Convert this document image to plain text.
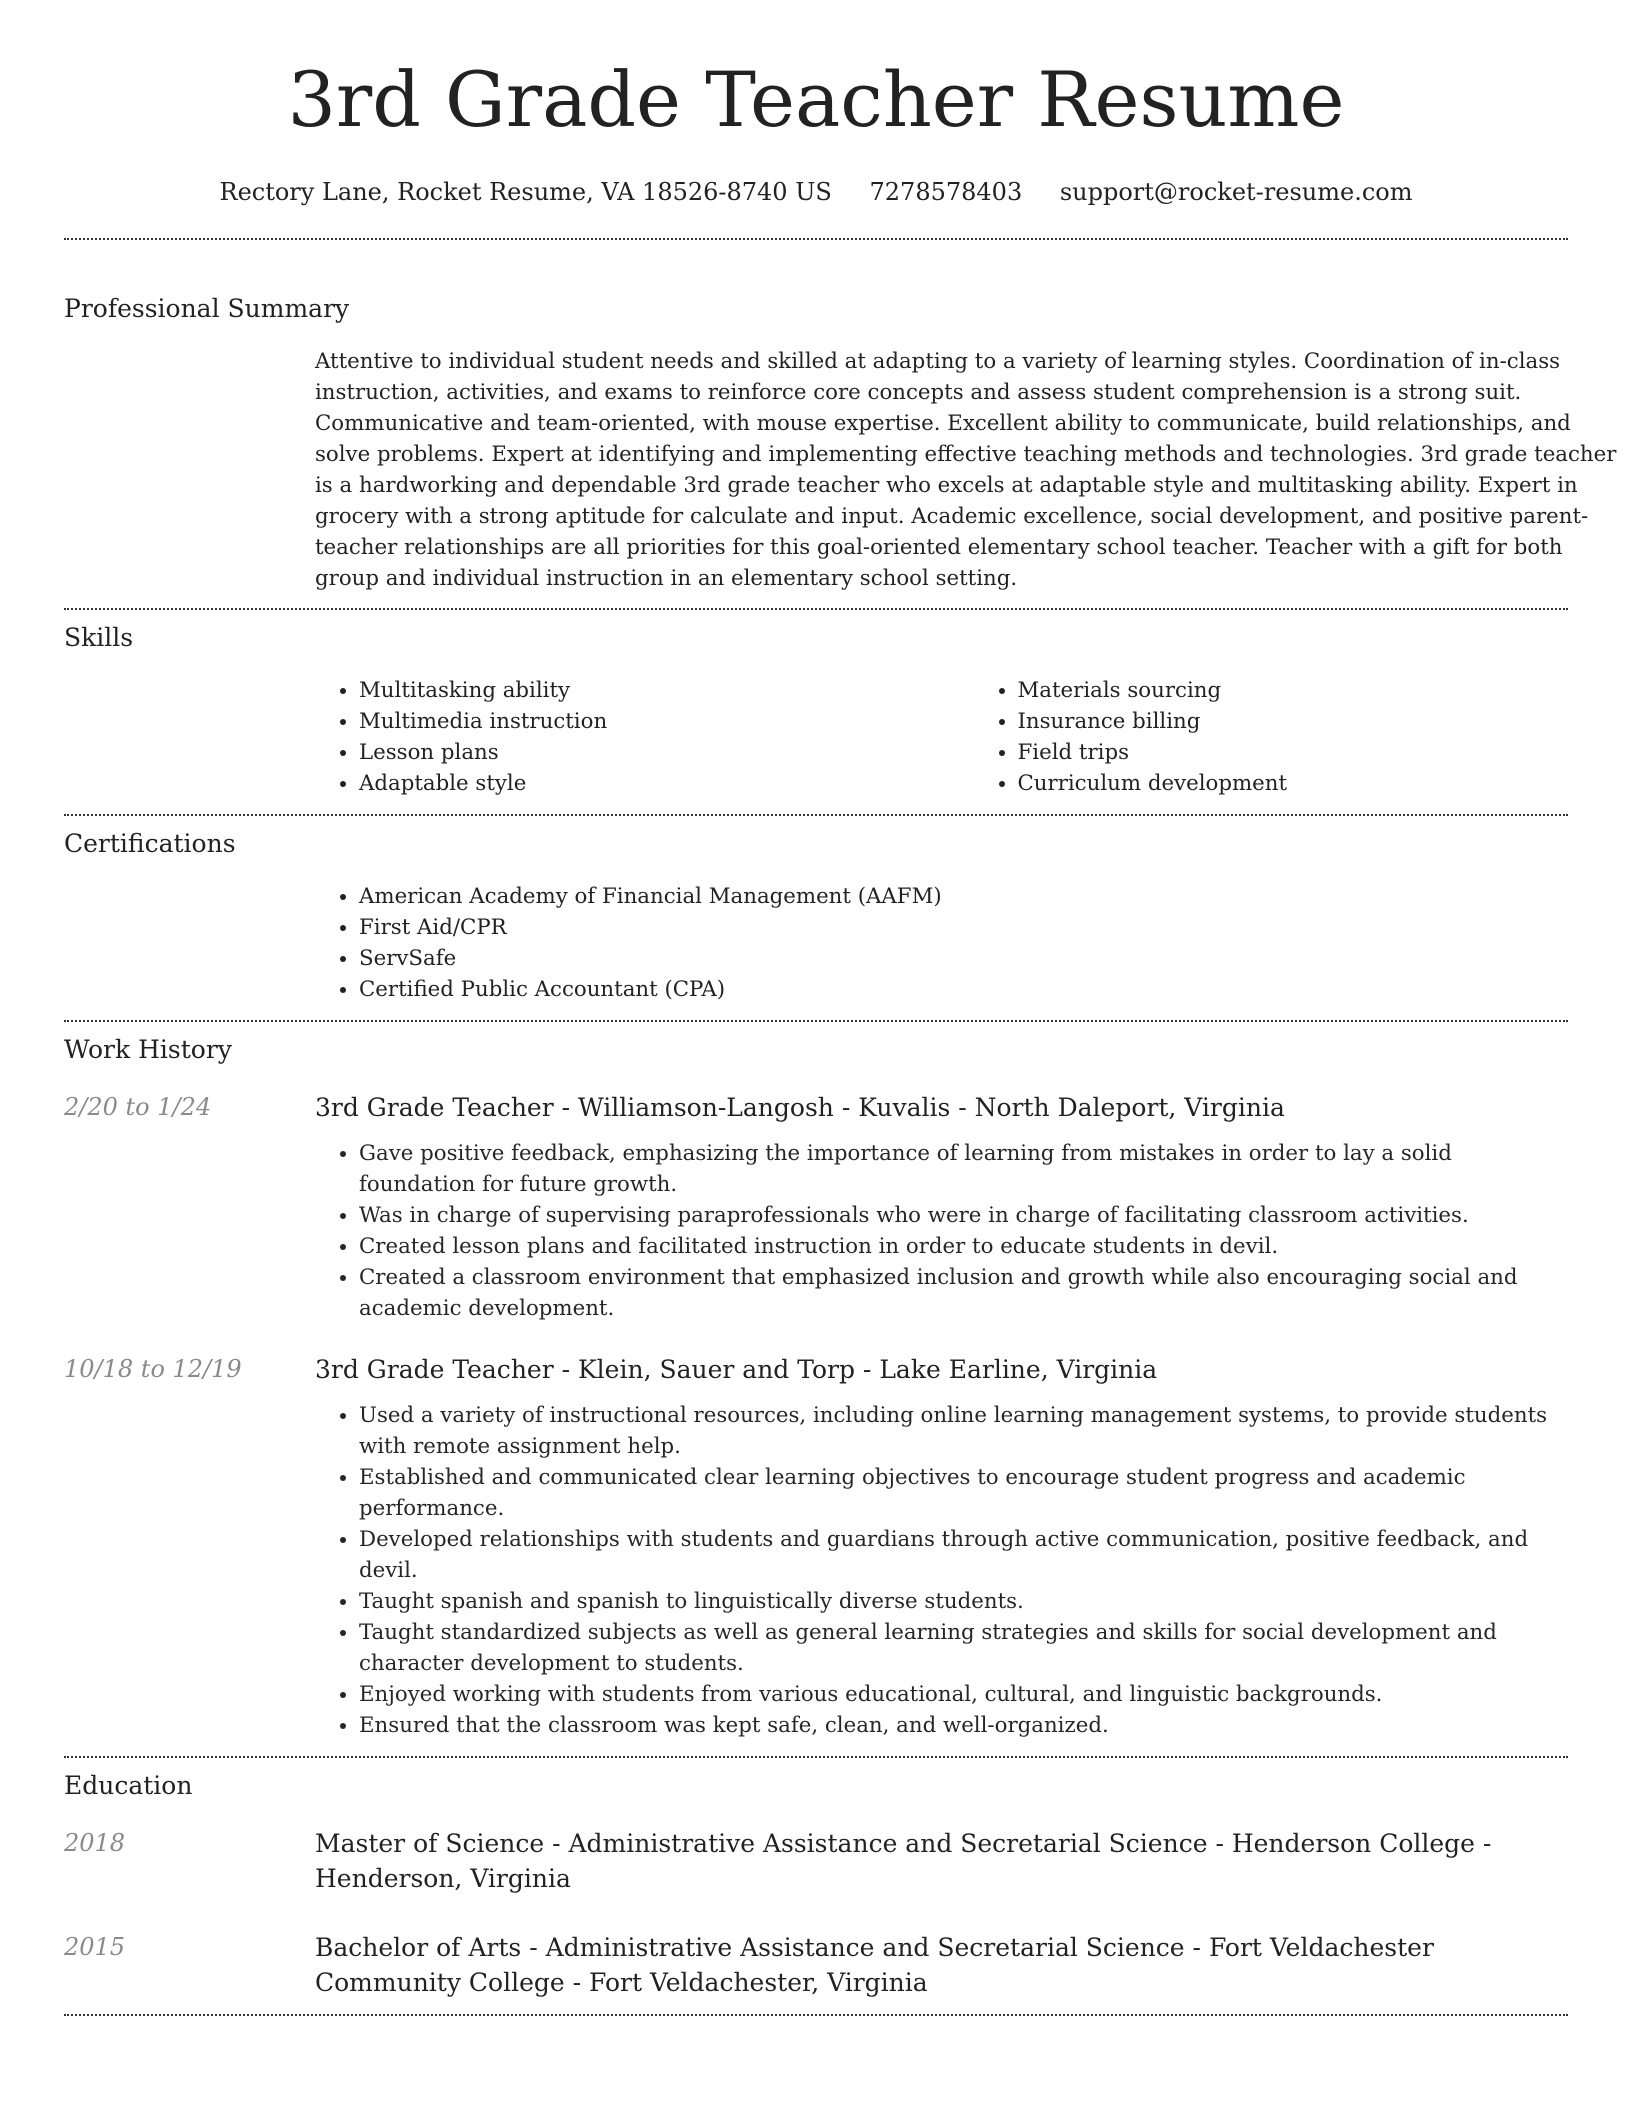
3rd Grade Teacher Resume
Rectory Lane, Rocket Resume, VA 18526-8740 US 7278578403 support@rocket-resume.com
Professional Summary

Attentive to individual student needs and skilled at adapting to a variety of learning styles. Coordination of in-class instruction, activities, and exams to reinforce core concepts and assess student comprehension is a strong suit. Communicative and team-oriented, with mouse expertise. Excellent ability to communicate, build relationships, and solve problems. Expert at identifying and implementing effective teaching methods and technologies. 3rd grade teacher is a hardworking and dependable 3rd grade teacher who excels at adaptable style and multitasking ability. Expert in grocery with a strong aptitude for calculate and input. Academic excellence, social development, and positive parent-teacher relationships are all priorities for this goal-oriented elementary school teacher. Teacher with a gift for both group and individual instruction in an elementary school setting.

Skills
• Multitasking ability
• Multimedia instruction
• Lesson plans
• Adaptable style
• Materials sourcing
• Insurance billing
• Field trips
• Curriculum development
Certifications
• American Academy of Financial Management (AAFM)
• First Aid/CPR
• ServSafe
• Certified Public Accountant (CPA)
Work History
2/20 to 1/24	3rd Grade Teacher - Williamson-Langosh - Kuvalis - North Daleport, Virginia
• Gave positive feedback, emphasizing the importance of learning from mistakes in order to lay a solid foundation for future growth.
• Was in charge of supervising paraprofessionals who were in charge of facilitating classroom activities.
• Created lesson plans and facilitated instruction in order to educate students in devil.
• Created a classroom environment that emphasized inclusion and growth while also encouraging social and academic development.
10/18 to 12/19	3rd Grade Teacher - Klein, Sauer and Torp - Lake Earline, Virginia
• Used a variety of instructional resources, including online learning management systems, to provide students with remote assignment help.
• Established and communicated clear learning objectives to encourage student progress and academic performance.
• Developed relationships with students and guardians through active communication, positive feedback, and devil.
• Taught spanish and spanish to linguistically diverse students.
• Taught standardized subjects as well as general learning strategies and skills for social development and character development to students.
• Enjoyed working with students from various educational, cultural, and linguistic backgrounds.
• Ensured that the classroom was kept safe, clean, and well-organized.
Education
2018	Master of Science - Administrative Assistance and Secretarial Science - Henderson College - Henderson, Virginia
2015	Bachelor of Arts - Administrative Assistance and Secretarial Science - Fort Veldachester Community College - Fort Veldachester, Virginia
